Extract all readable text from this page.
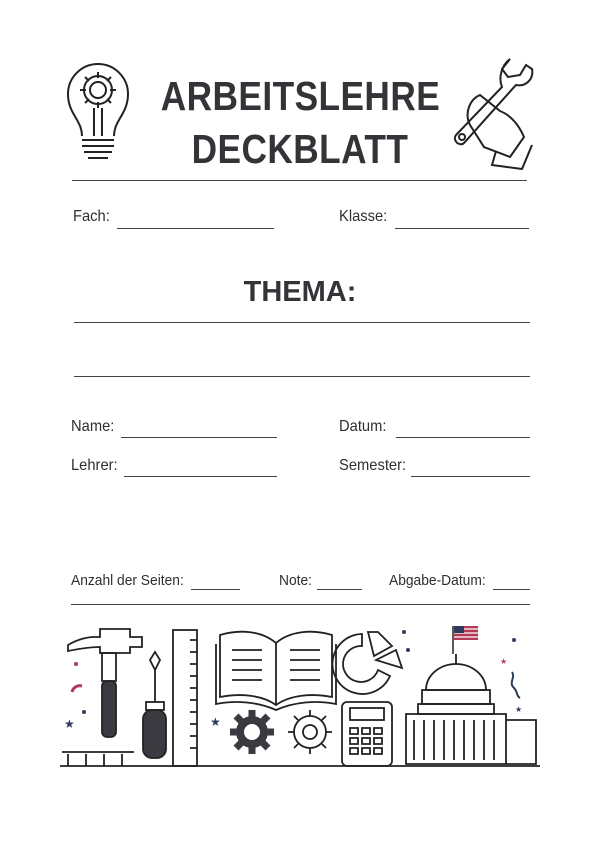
ARBEITSLEHRE
DECKBLATT
Fach:	Klasse:
THEMA:
Name:	Datum:
Lehrer:	Semester:
Anzahl der Seiten:	Note:	Abgabe-Datum:
★	★
★
★
